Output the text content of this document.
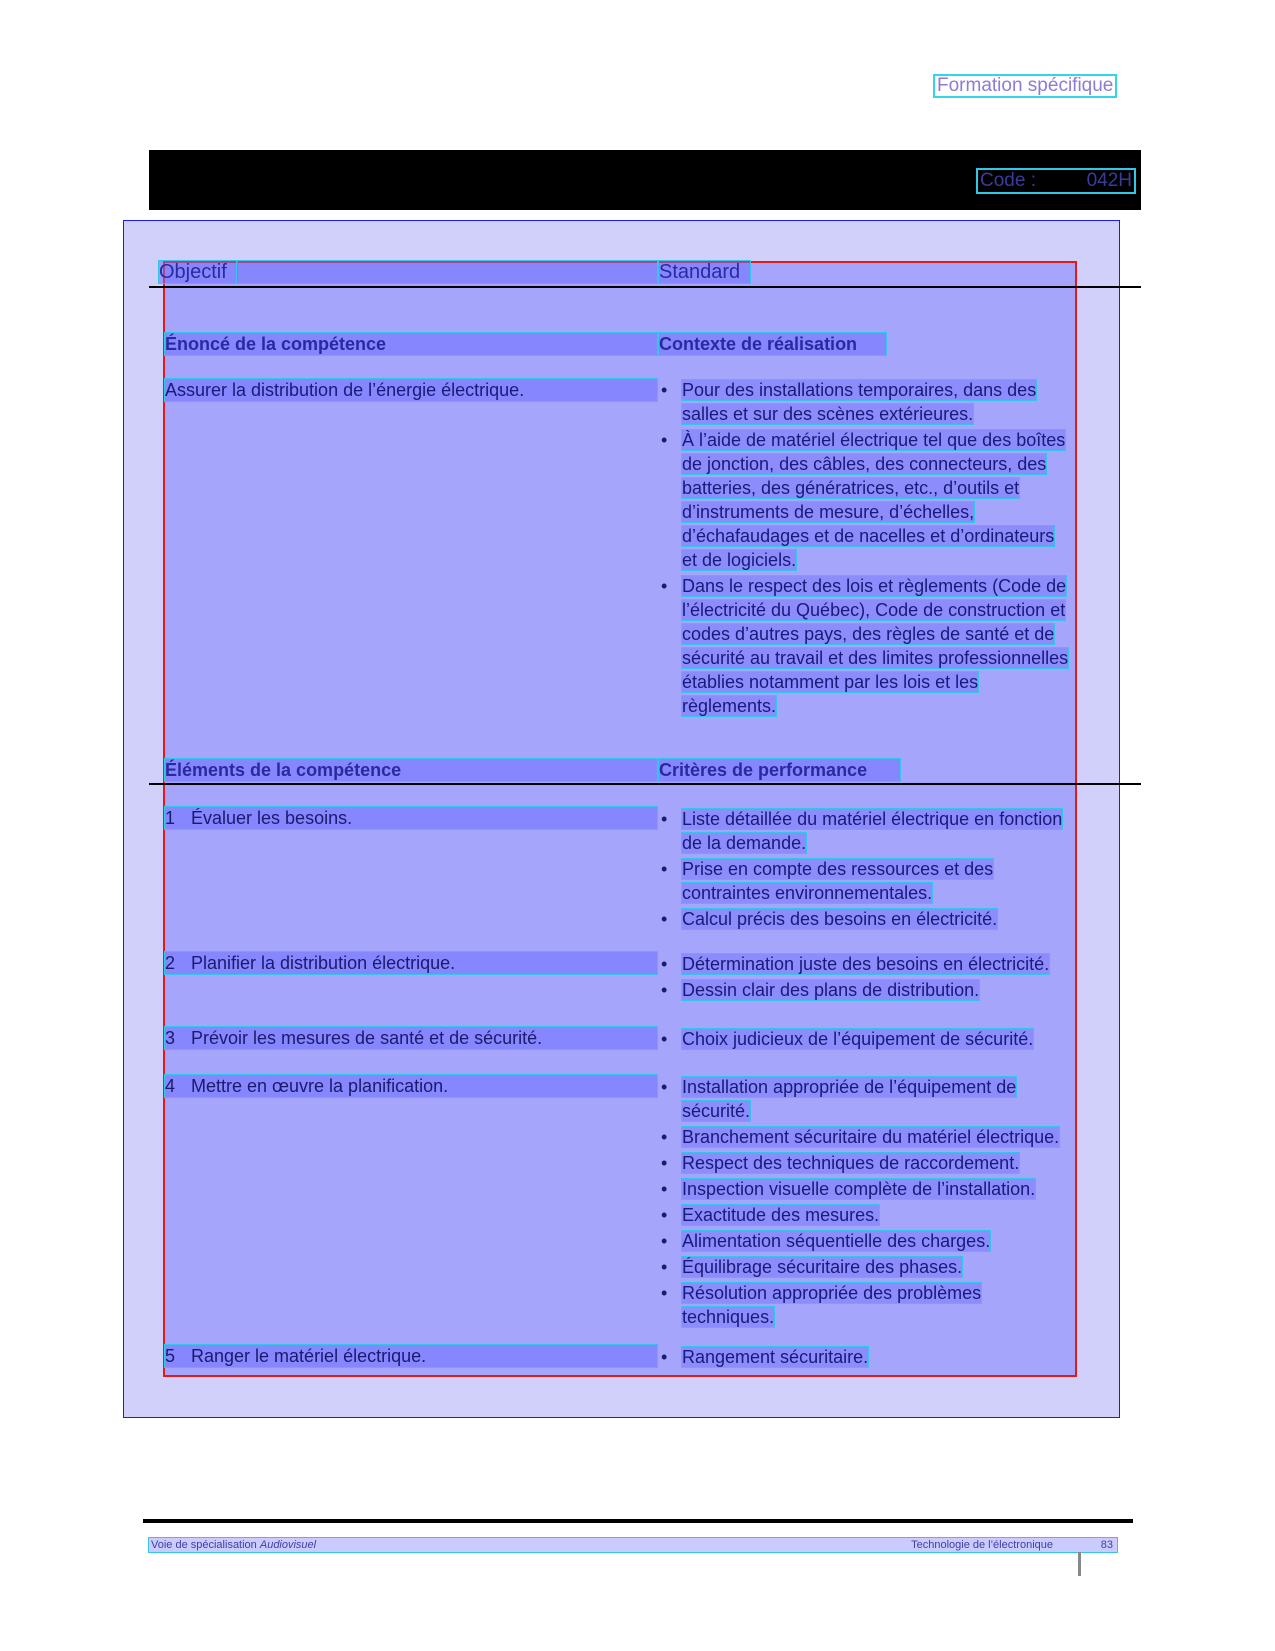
Formation spécifique
Code :	042H
Objectif	Standard
Énoncé de la compétence	Contexte de réalisation
Assurer la distribution de l’énergie électrique.	• Pour des installations temporaires, dans des
salles et sur des scènes extérieures.
• À l’aide de matériel électrique tel que des boîtes
de jonction, des câbles, des connecteurs, des
batteries, des génératrices, etc., d’outils et
d’instruments de mesure, d’échelles,
d’échafaudages et de nacelles et d’ordinateurs
et de logiciels.
• Dans le respect des lois et règlements (Code de
l’électricité du Québec), Code de construction et
codes d’autres pays, des règles de santé et de
sécurité au travail et des limites professionnelles
établies notamment par les lois et les
règlements.
Éléments de la compétence	Critères de performance
1 Évaluer les besoins.	• Liste détaillée du matériel électrique en fonction
de la demande.
• Prise en compte des ressources et des
contraintes environnementales.
• Calcul précis des besoins en électricité.
2 Planifier la distribution électrique.	• Détermination juste des besoins en électricité.
• Dessin clair des plans de distribution.
3 Prévoir les mesures de santé et de sécurité.	• Choix judicieux de l’équipement de sécurité.
4 Mettre en œuvre la planification.	• Installation appropriée de l’équipement de
sécurité.
• Branchement sécuritaire du matériel électrique.
• Respect des techniques de raccordement.
• Inspection visuelle complète de l’installation.
• Exactitude des mesures.
• Alimentation séquentielle des charges.
• Équilibrage sécuritaire des phases.
• Résolution appropriée des problèmes
techniques.
5 Ranger le matériel électrique.	• Rangement sécuritaire.
Voie de spécialisation Audiovisuel	Technologie de l’électronique	83
